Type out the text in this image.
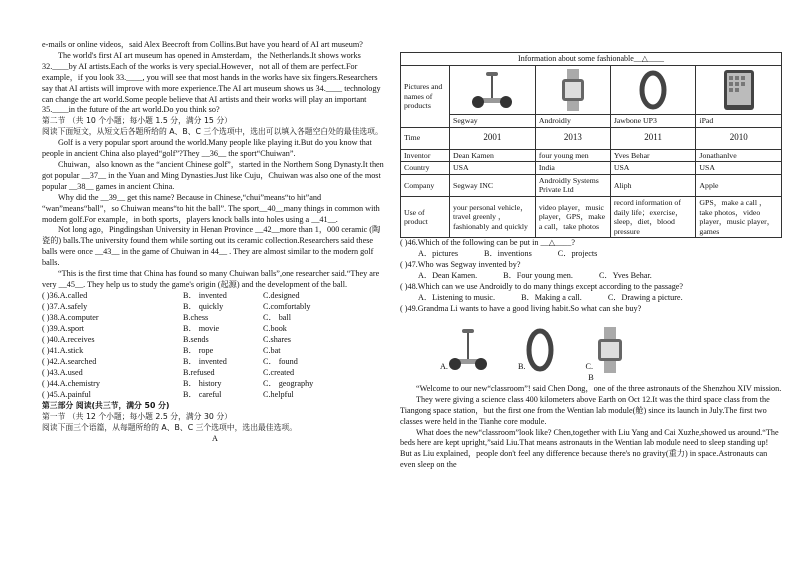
e-mails or online videos，said Alex Beecroft from Collins.But have you heard of AI art museum?

The world's first AI art museum has opened in Amsterdam，the Netherlands.It shows works 32.____by AI artists.Each of the works is very special.However，not all of them are perfect.For example，if you look 33.____, you will see that most hands in the works have six fingers.Researchers say that AI artists will improve with more experience.The AI art museum shows us 34.____ technology can change the art world.Some people believe that AI artists and their works will play an important 35.____in the future of the art world.Do you think so?

第二节 （共 10 个小题；每小题 1.5 分，满分 15 分）

阅读下面短文，从短文后各题所给的 A、B、C 三个选项中，选出可以填入各题空白处的最佳选项。

Golf is a very popular sport around the world.Many people like playing it.But do you know that people in ancient China also played“golf”?They __36__ the sport“Chuiwan”.

Chuiwan，also known as the “ancient Chinese golf”，started in the Northern Song Dynasty.It then got popular __37__ in the Yuan and Ming Dynasties.Just like Cuju，Chuiwan was also one of the most popular __38__ games in ancient China.

Why did the __39__ get this name? Because in Chinese,“chui”means“to hit”and “wan”means“ball”，so Chuiwan means“to hit the ball”. The sport__40__many things in common with modern golf.For example，in both sports，players knock balls into holes using a __41__.

Not long ago，Pingdingshan University in Henan Province __42__more than 1，000 ceramic (陶瓷的) balls.The university found them while sorting out its ceramic collection.Researchers said these balls were once __43__ in the game of Chuiwan in 44__ . They are almost similar to the modern golf balls.

“This is the first time that China has found so many Chuiwan balls”,one researcher said.“They are very __45__. They help us to study the game's origin (起源) and the development of the ball.

( )36.A.called	B． invented	C.designed
( )37.A.safely	B． quickly	C.comfortably
( )38.A.computer	B.chess	C． ball
( )39.A.sport	B． movie	C.book
( )40.A.receives	B.sends	C.shares
( )41.A.stick	B． rope	C.bat
( )42.A.searched	B． invented	C． found
( )43.A.used	B.refused	C.created
( )44.A.chemistry	B． history	C． geography
( )45.A.painful	B． careful	C.helpful

第三部分 阅读(共三节，满分 50 分)

第一节 （共 12 个小题；每小题 2.5 分，满分 30 分）

阅读下面三个语篇，从每题所给的 A、B、C 三个选项中，选出最佳选项。

A

Information about some fashionable__△____
Pictures and names of products	

	Segway	Androidly	Jawbone UP3	iPad
Time	2001	2013	2011	2010
Inventor	Dean Kamen	four young men	Yves Behar	Jonathanlve
Country	USA	India	USA	USA
Company	Segway INC	Androidly Systems Private Ltd	Aliph	Apple
Use of product	your personal vehicle，travel greenly ，fashionably and quickly	video player，music player，GPS，make a call，take photos	record information of daily life；exercise，sleep，diet，blood pressure	GPS，make a call ，take photos，video player，music player，games

( )46.Which of the following can be put in __△____?

A．pictures	B．inventions	C．projects

( )47.Who was Segway invented by?

A．Dean Kamen.	B．Four young men.	C．Yves Behar.

( )48.Which can we use Androidly to do many things except according to the passage?

A．Listening to music.	B．Making a call.	C．Drawing a picture.

( )49.Grandma Li wants to have a good living habit.So what can she buy?

A.	B.	C.

B

“Welcome to our new“classroom”! said Chen Dong，one of the three astronauts of the Shenzhou XIV mission.

They were giving a science class 400 kilometers above Earth on Oct 12.It was the third space class from the Tiangong space station，but the first one from the Wentian lab module(舱) since its launch in July.The first two classes were held in the Tianhe core module.

What does the new“classroom”look like? Chen,together with Liu Yang and Cai Xuzhe,showed us around.“The beds here are kept upright,”said Liu.That means astronauts in the Wentian lab module need to sleep standing up! But as Liu explained，people don't feel any difference because there's no gravity(重力) in space.Astronauts can even sleep on the
